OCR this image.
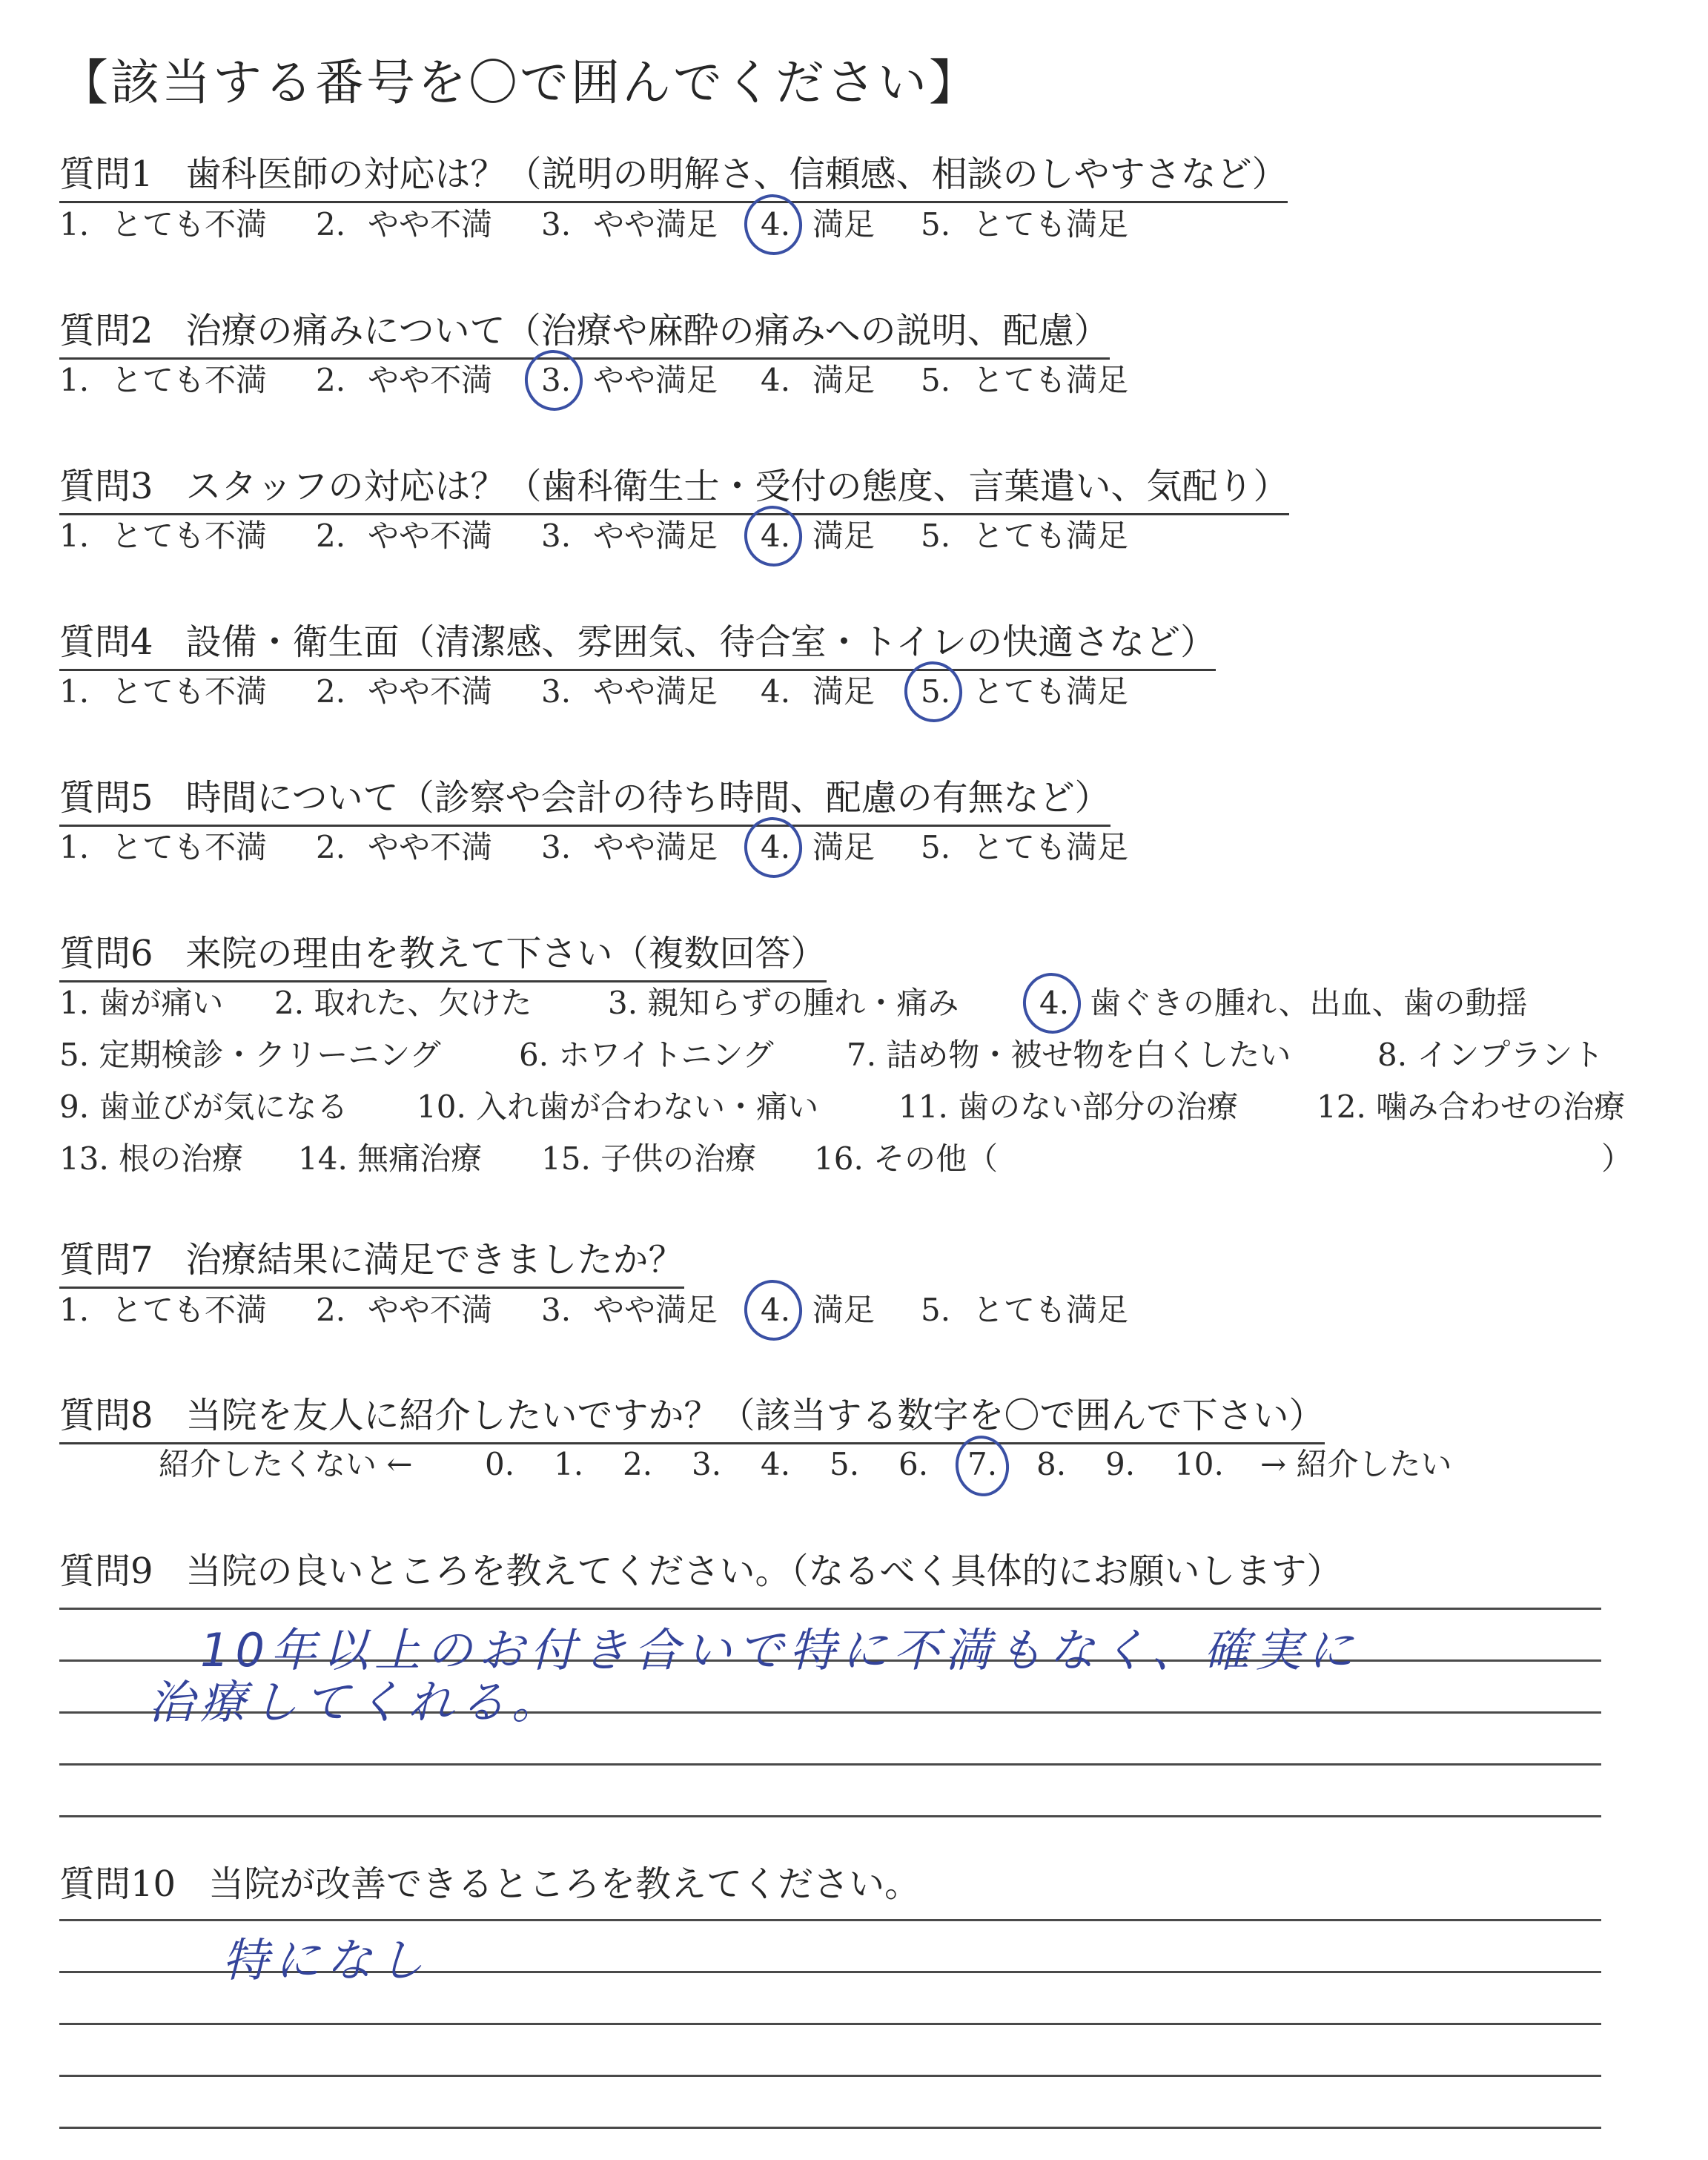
【該当する番号を〇で囲んでください】
質問1 歯科医師の対応は？（説明の明解さ、信頼感、相談のしやすさなど）
1. とても不満 2. やや不満 3. やや満足 4. 満足 5. とても満足
質問2 治療の痛みについて（治療や麻酔の痛みへの説明、配慮）
1. とても不満 2. やや不満 3. やや満足 4. 満足 5. とても満足
質問3 スタッフの対応は？（歯科衛生士・受付の態度、言葉遣い、気配り）
1. とても不満 2. やや不満 3. やや満足 4. 満足 5. とても満足
質問4 設備・衛生面（清潔感、雰囲気、待合室・トイレの快適さなど）
1. とても不満 2. やや不満 3. やや満足 4. 満足 5. とても満足
質問5 時間について（診察や会計の待ち時間、配慮の有無など）
1. とても不満 2. やや不満 3. やや満足 4. 満足 5. とても満足
質問6 来院の理由を教えて下さい（複数回答）
1. 歯が痛い 2. 取れた、欠けた 3. 親知らずの腫れ・痛み	4. 歯ぐきの腫れ、出血、歯の動揺
5. 定期検診・クリーニング	6. ホワイトニング 7. 詰め物・被せ物を白くしたい	8. インプラント
9. 歯並びが気になる 10. 入れ歯が合わない・痛い	11. 歯のない部分の治療	12. 噛み合わせの治療
13. 根の治療 14. 無痛治療 15. 子供の治療 16. その他（	）
質問7 治療結果に満足できましたか？
1. とても不満 2. やや不満 3. やや満足 4. 満足 5. とても満足
質問8 当院を友人に紹介したいですか？（該当する数字を〇で囲んで下さい）
紹介したくない ← 0. 1. 2. 3. 4. 5. 6. 7. 8. 9. 10. → 紹介したい
質問9 当院の良いところを教えてください。（なるべく具体的にお願いします）
10年以上のお付き合いで特に不満もなく、確実に
治療してくれる。
質問10 当院が改善できるところを教えてください。
特になし
